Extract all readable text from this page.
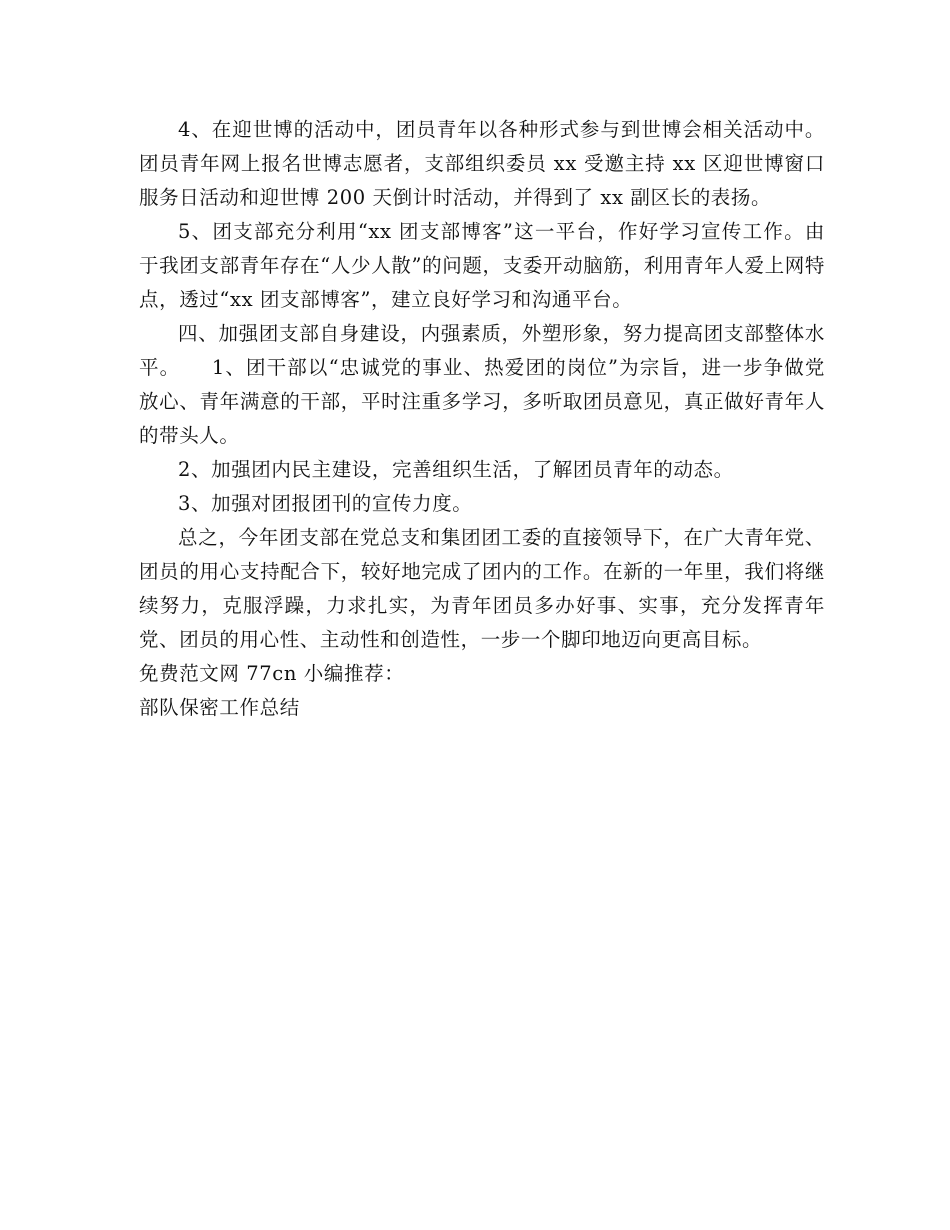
4、在迎世博的活动中，团员青年以各种形式参与到世博会相关活动中。团员青年网上报名世博志愿者，支部组织委员 xx 受邀主持 xx 区迎世博窗口服务日活动和迎世博 200 天倒计时活动，并得到了 xx 副区长的表扬。

5、团支部充分利用“xx 团支部博客”这一平台，作好学习宣传工作。由于我团支部青年存在“人少人散”的问题，支委开动脑筋，利用青年人爱上网特点，透过“xx 团支部博客”，建立良好学习和沟通平台。

四、加强团支部自身建设，内强素质，外塑形象，努力提高团支部整体水平。　　1、团干部以“忠诚党的事业、热爱团的岗位”为宗旨，进一步争做党放心、青年满意的干部，平时注重多学习，多听取团员意见，真正做好青年人的带头人。

2、加强团内民主建设，完善组织生活，了解团员青年的动态。

3、加强对团报团刊的宣传力度。

总之，今年团支部在党总支和集团团工委的直接领导下，在广大青年党、团员的用心支持配合下，较好地完成了团内的工作。在新的一年里，我们将继续努力，克服浮躁，力求扎实，为青年团员多办好事、实事，充分发挥青年党、团员的用心性、主动性和创造性，一步一个脚印地迈向更高目标。

免费范文网 77cn 小编推荐：

部队保密工作总结
